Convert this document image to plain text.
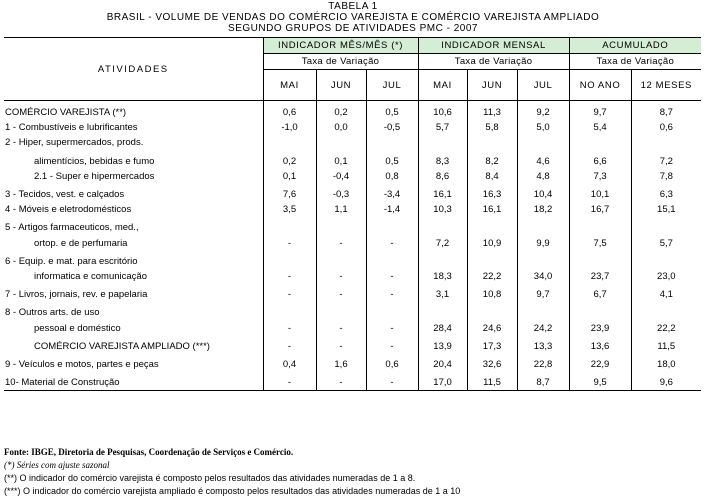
TABELA 1
BRASIL - VOLUME DE VENDAS DO COMÉRCIO VAREJISTA E COMÉRCIO VAREJISTA AMPLIADO
SEGUNDO GRUPOS DE ATIVIDADES PMC - 2007
ATIVIDADES	INDICADOR MÊS/MÊS (*)			INDICADOR MENSAL			ACUMULADO	
	Taxa de Variação			Taxa de Variação			Taxa de Variação	
	MAI	JUN	JUL	MAI	JUN	JUL	NO ANO	12 MESES

COMÉRCIO VAREJISTA (**)	0,6	0,2	0,5	10,6	11,3	9,2	9,7	8,7
1 - Combustíveis e lubrificantes	-1,0	0,0	-0,5	5,7	5,8	5,0	5,4	0,6
2 - Hiper, supermercados, prods.								

alimentícios, bebidas e fumo	0,2	0,1	0,5	8,3	8,2	4,6	6,6	7,2
2.1 - Super e hipermercados	0,1	-0,4	0,8	8,6	8,4	4,8	7,3	7,8

3 - Tecidos, vest. e calçados	7,6	-0,3	-3,4	16,1	16,3	10,4	10,1	6,3
4 - Móveis e eletrodomésticos	3,5	1,1	-1,4	10,3	16,1	18,2	16,7	15,1

5 - Artigos farmaceuticos, med.,								
ortop. e de perfumaria	-	-	-	7,2	10,9	9,9	7,5	5,7

6 - Equip. e mat. para escritório								
informatica e comunicação	-	-	-	18,3	22,2	34,0	23,7	23,0

7 - Livros, jornais, rev. e papelaria	-	-	-	3,1	10,8	9,7	6,7	4,1

8 - Outros arts. de uso								
pessoal e doméstico	-	-	-	28,4	24,6	24,2	23,9	22,2

COMÉRCIO VAREJISTA AMPLIADO (***)	-	-	-	13,9	17,3	13,3	13,6	11,5

9 - Veículos e motos, partes e peças	0,4	1,6	0,6	20,4	32,6	22,8	22,9	18,0

10- Material de Construção	-	-	-	17,0	11,5	8,7	9,5	9,6
Fonte: IBGE, Diretoria de Pesquisas, Coordenação de Serviços e Comércio.
(*) Séries com ajuste sazonal
(**) O indicador do comércio varejista é composto pelos resultados das atividades numeradas de 1 a 8.
(***) O indicador do comércio varejista ampliado é composto pelos resultados das atividades numeradas de 1 a 10
